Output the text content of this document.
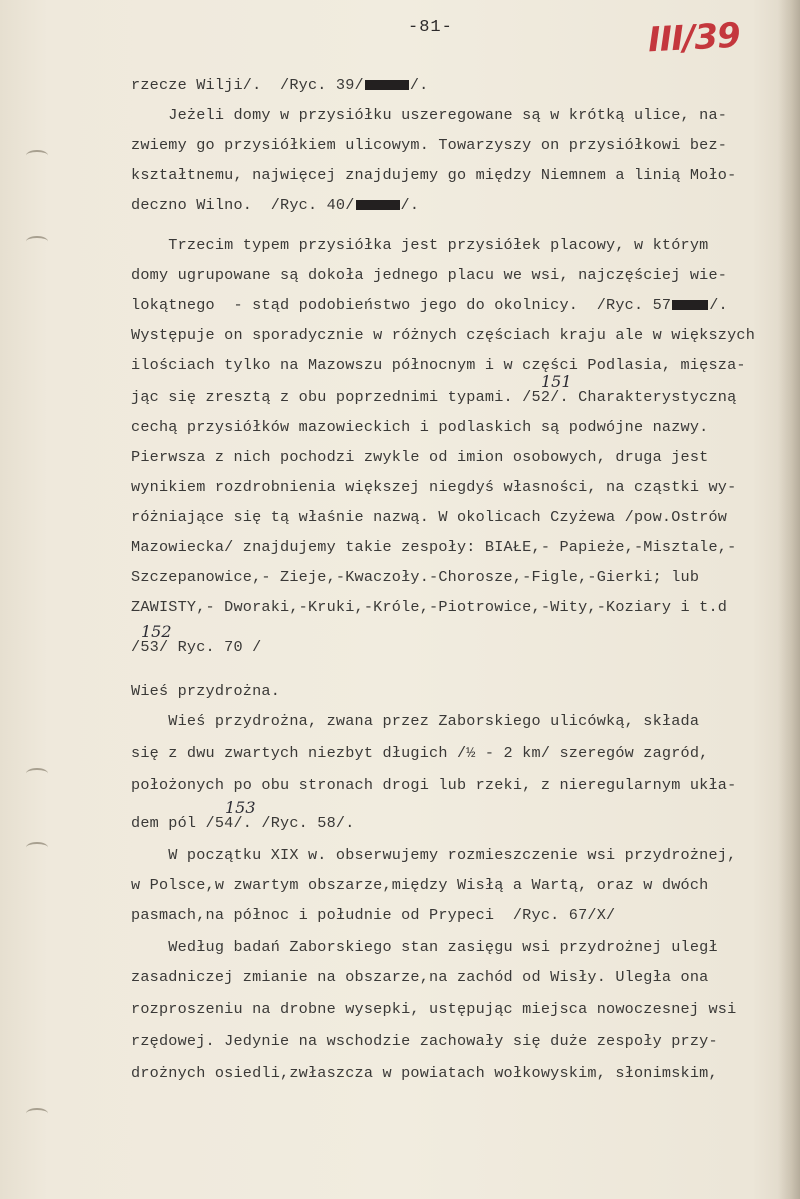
-81-	III/39
rzecze Wilji/.  /Ryc. 39/	/.
Jeżeli domy w przysiółku uszeregowane są w krótką ulice, na-
zwiemy go przysiółkiem ulicowym. Towarzyszy on przysiółkowi bez-
kształtnemu, najwięcej znajdujemy go między Niemnem a linią Moło-
deczno Wilno.  /Ryc. 40/	/.
Trzecim typem przysiółka jest przysiółek placowy, w którym
domy ugrupowane są dokoła jednego placu we wsi, najczęściej wie-
lokątnego  - stąd podobieństwo jego do okolnicy.  /Ryc. 57	/.
Występuje on sporadycznie w różnych częściach kraju ale w większych
ilościach tylko na Mazowszu północnym i w części Podlasia, mięsza-
jąc się zresztą z obu poprzednimi typami. /52/. Charakterystyczną
cechą przysiółków mazowieckich i podlaskich są podwójne nazwy.
Pierwsza z nich pochodzi zwykle od imion osobowych, druga jest
wynikiem rozdrobnienia większej niegdyś własności, na cząstki wy-
różniające się tą właśnie nazwą. W okolicach Czyżewa /pow.Ostrów
Mazowiecka/ znajdujemy takie zespoły: BIAŁE,- Papieże,-Misztale,-
Szczepanowice,- Zieje,-Kwaczoły.-Chorosze,-Figle,-Gierki; lub
ZAWISTY,- Dworaki,-Kruki,-Króle,-Piotrowice,-Wity,-Koziary i t.d
/53/ Ryc. 70 /
Wieś przydrożna.
Wieś przydrożna, zwana przez Zaborskiego ulicówką, składa
się z dwu zwartych niezbyt długich /½ - 2 km/ szeregów zagród,
położonych po obu stronach drogi lub rzeki, z nieregularnym ukła-
dem pól /54/. /Ryc. 58/.
W początku XIX w. obserwujemy rozmieszczenie wsi przydrożnej,
w Polsce,w zwartym obszarze,między Wisłą a Wartą, oraz w dwóch
pasmach,na północ i południe od Prypeci  /Ryc. 67/X/
Według badań Zaborskiego stan zasięgu wsi przydrożnej uległ
zasadniczej zmianie na obszarze,na zachód od Wisły. Uległa ona
rozproszeniu na drobne wysepki, ustępując miejsca nowoczesnej wsi
rzędowej. Jedynie na wschodzie zachowały się duże zespoły przy-
drożnych osiedli,zwłaszcza w powiatach wołkowyskim, słonimskim,
151
152
153
